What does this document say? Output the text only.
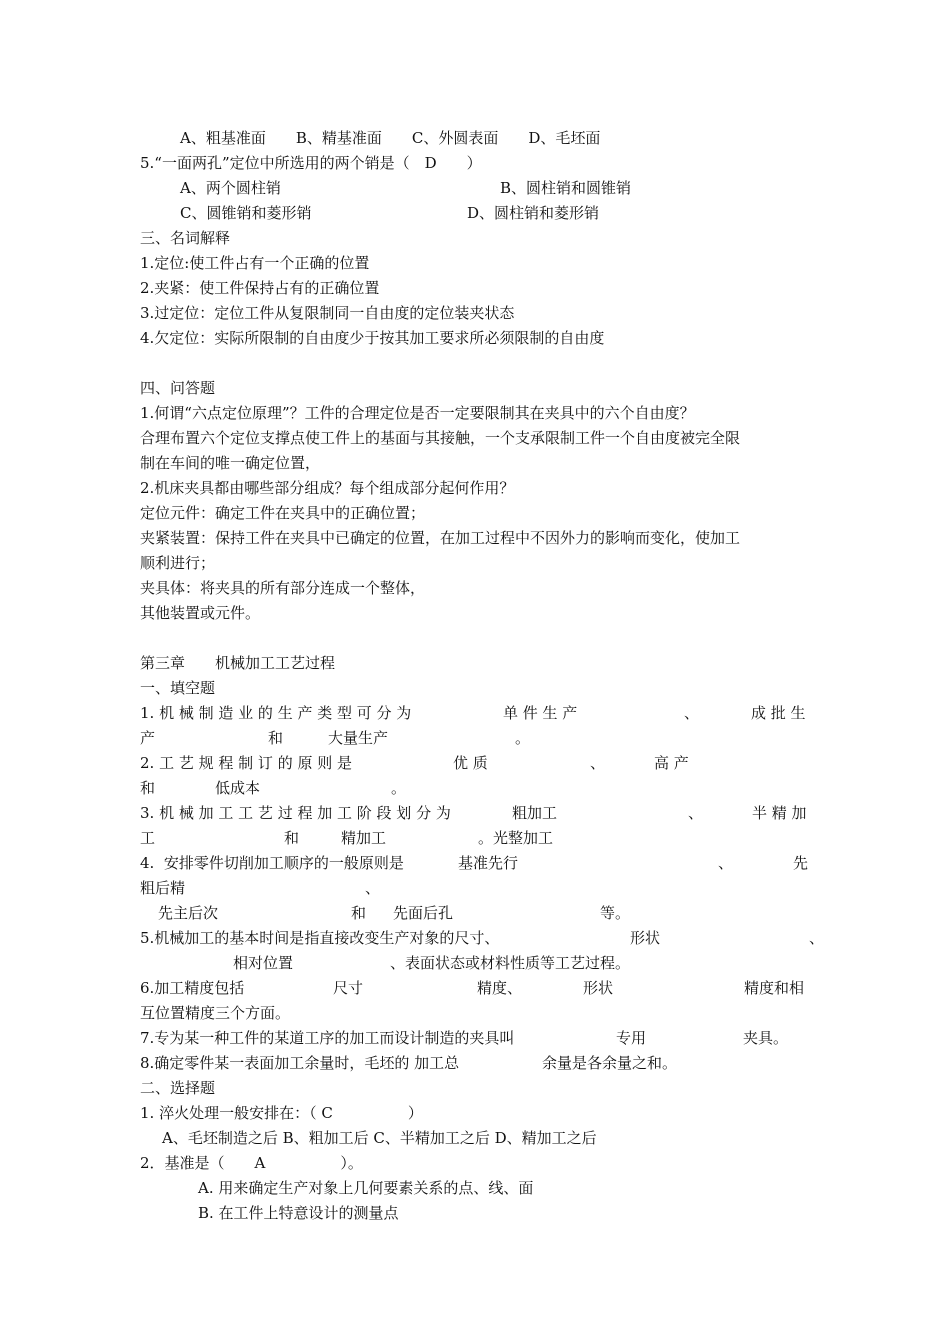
A、粗基准面　　B、精基准面　　C、外圆表面　　D、毛坯面
5.“一面两孔”定位中所选用的两个销是（　D　　）
A、两个圆柱销	B、圆柱销和圆锥销
C、圆锥销和菱形销	D、圆柱销和菱形销
三、名词解释
1.定位:使工件占有一个正确的位置
2.夹紧：使工件保持占有的正确位置
3.过定位：定位工件从复限制同一自由度的定位装夹状态
4.欠定位：实际所限制的自由度少于按其加工要求所必须限制的自由度
四、问答题
1.何谓“六点定位原理”？工件的合理定位是否一定要限制其在夹具中的六个自由度？
合理布置六个定位支撑点使工件上的基面与其接触，一个支承限制工件一个自由度被完全限
制在车间的唯一确定位置，
2.机床夹具都由哪些部分组成？每个组成部分起何作用？
定位元件：确定工件在夹具中的正确位置；
夹紧装置：保持工件在夹具中已确定的位置，在加工过程中不因外力的影响而变化，使加工
顺利进行；
夹具体：将夹具的所有部分连成一个整体，
其他装置或元件。
第三章　　机械加工工艺过程
一、填空题
1. 机 械 制 造 业 的 生 产 类 型 可 分 为	单 件 生 产	、	成 批 生
产	和	大量生产	。
2. 工 艺 规 程 制 订 的 原 则 是	优 质	、	高 产
和	低成本	。
3. 机 械 加 工 工 艺 过 程 加 工 阶 段 划 分 为	粗加工	、	半 精 加
工	和	精加工	。光整加工
4.  安排零件切削加工顺序的一般原则是	基准先行	、	先
粗后精	、
先主后次	和 先面后孔	等。
5.机械加工的基本时间是指直接改变生产对象的尺寸、	形状	、
相对位置	、表面状态或材料性质等工艺过程。
6.加工精度包括	尺寸	精度、	形状	精度和相
互位置精度三个方面。
7.专为某一种工件的某道工序的加工而设计制造的夹具叫	专用	夹具。
8.确定零件某一表面加工余量时，毛坯的 加工总	余量是各余量之和。
二、选择题
1. 淬火处理一般安排在：（ C　　　　　）
A、毛坯制造之后 B、粗加工后 C、半精加工之后 D、精加工之后
2．基准是（　　A　　　　　）。
A. 用来确定生产对象上几何要素关系的点、线、面
B. 在工件上特意设计的测量点
